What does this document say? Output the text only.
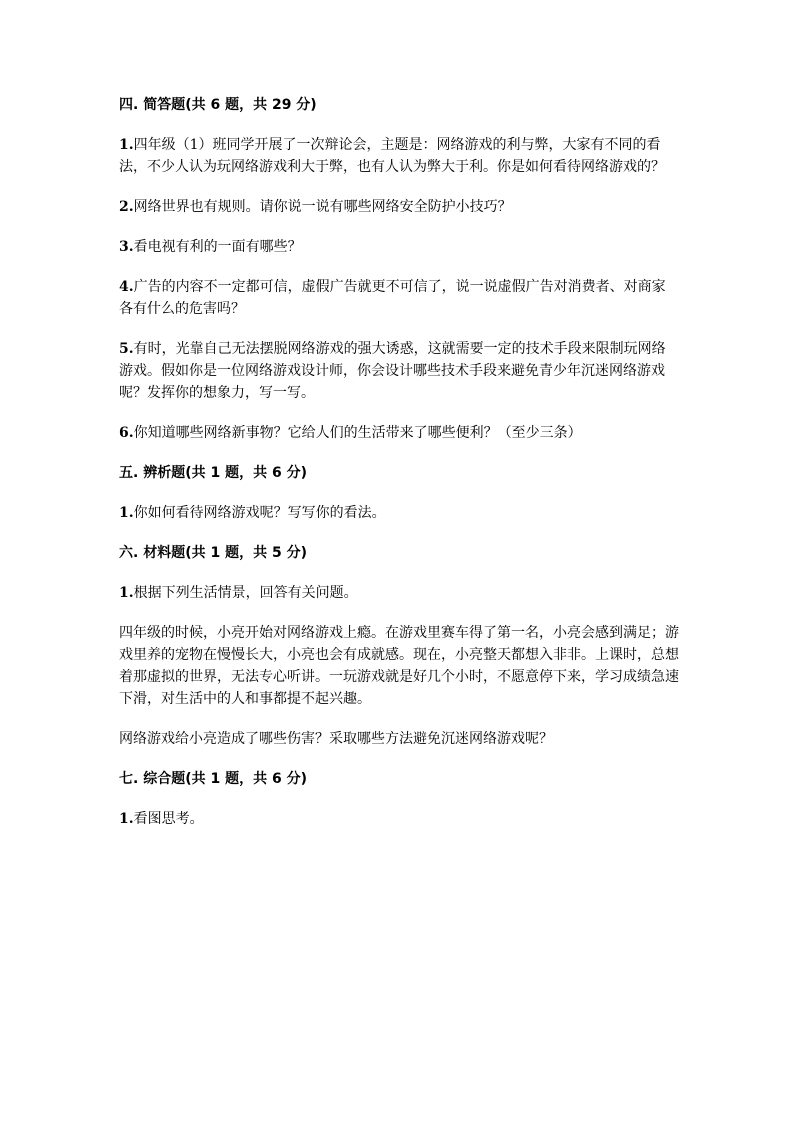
四. 简答题(共 6 题，共 29 分)
1.四年级（1）班同学开展了一次辩论会，主题是：网络游戏的利与弊，大家有不同的看法，不少人认为玩网络游戏利大于弊，也有人认为弊大于利。你是如何看待网络游戏的？
2.网络世界也有规则。请你说一说有哪些网络安全防护小技巧？
3.看电视有利的一面有哪些？
4.广告的内容不一定都可信，虚假广告就更不可信了，说一说虚假广告对消费者、对商家各有什么的危害吗？
5.有时，光靠自己无法摆脱网络游戏的强大诱惑，这就需要一定的技术手段来限制玩网络游戏。假如你是一位网络游戏设计师，你会设计哪些技术手段来避免青少年沉迷网络游戏呢？发挥你的想象力，写一写。
6.你知道哪些网络新事物？它给人们的生活带来了哪些便利？（至少三条）
五. 辨析题(共 1 题，共 6 分)
1.你如何看待网络游戏呢？写写你的看法。
六. 材料题(共 1 题，共 5 分)
1.根据下列生活情景，回答有关问题。
四年级的时候，小亮开始对网络游戏上瘾。在游戏里赛车得了第一名，小亮会感到满足；游戏里养的宠物在慢慢长大，小亮也会有成就感。现在，小亮整天都想入非非。上课时，总想着那虚拟的世界，无法专心听讲。一玩游戏就是好几个小时，不愿意停下来，学习成绩急速下滑，对生活中的人和事都提不起兴趣。
网络游戏给小亮造成了哪些伤害？采取哪些方法避免沉迷网络游戏呢？
七. 综合题(共 1 题，共 6 分)
1.看图思考。
